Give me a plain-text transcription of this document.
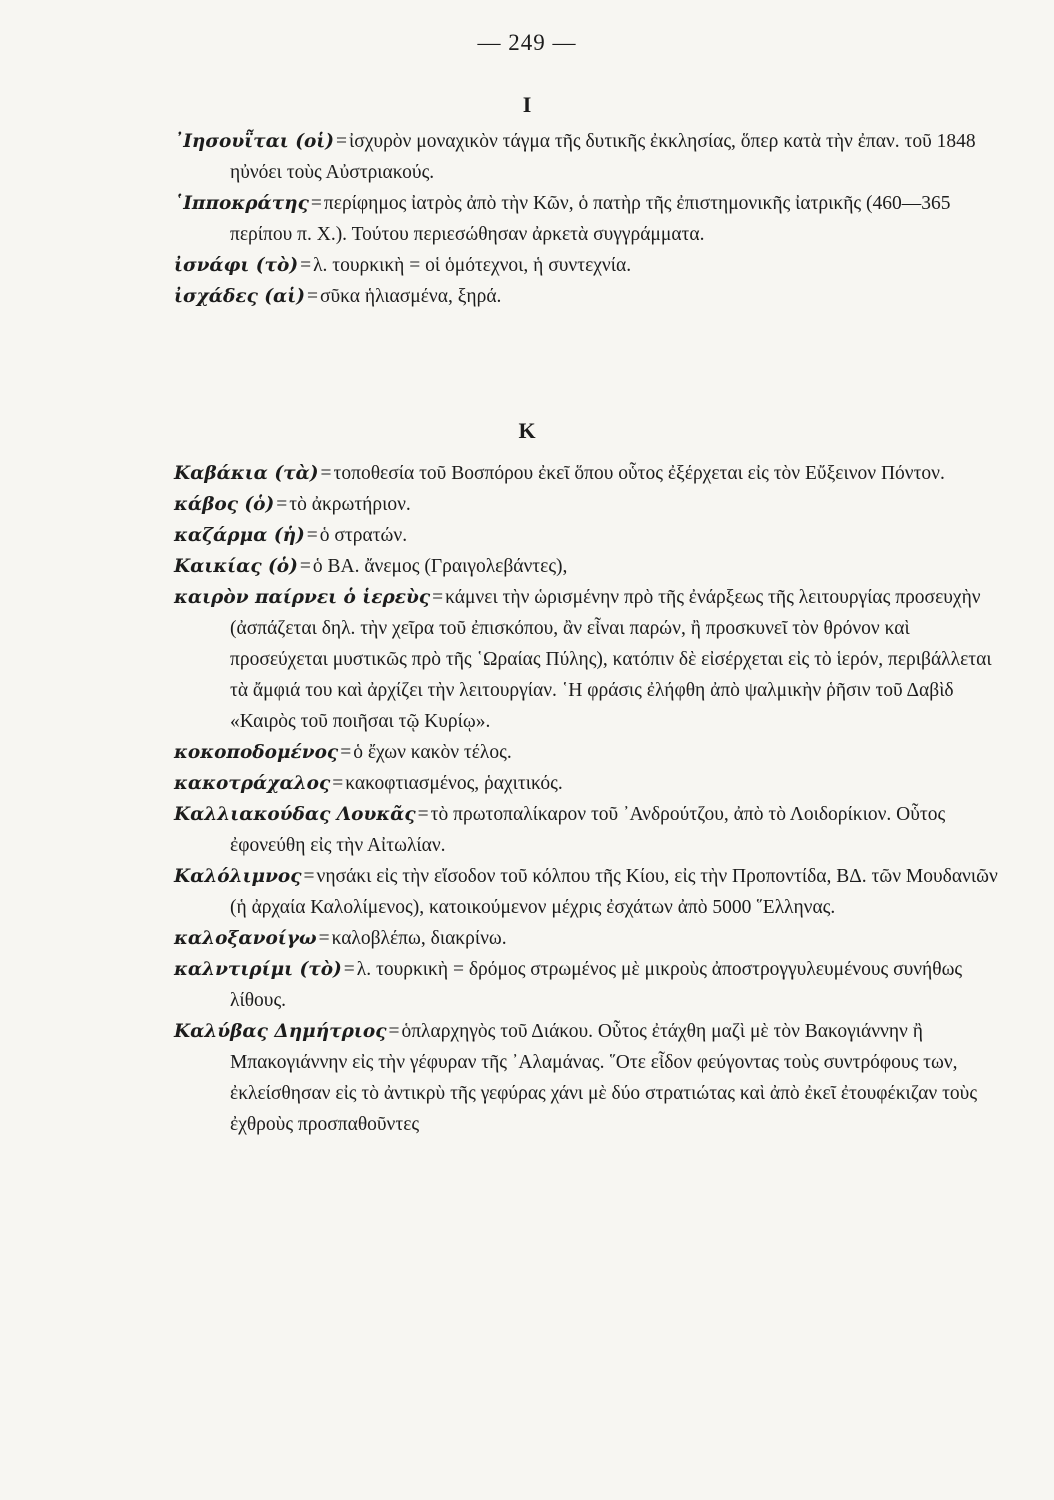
— 249 —
Ι
᾿Ιησουῗται (οἱ) = ἰσχυρὸν μοναχικὸν τάγμα τῆς δυτικῆς ἐκκλησίας, ὅπερ κατὰ τὴν ἐπαν. τοῦ 1848 ηὐνόει τοὺς Αὐστριακούς.
῾Ιπποκράτης = περίφημος ἰατρὸς ἀπὸ τὴν Κῶν, ὁ πατὴρ τῆς ἐπιστημονικῆς ἰατρικῆς (460—365 περίπου π. Χ.). Τούτου περιεσώθησαν ἀρκετὰ συγγράμματα.
ἰσνάφι (τὸ) = λ. τουρκικὴ = οἱ ὁμότεχνοι, ἡ συντεχνία.
ἰσχάδες (αἱ) = σῦκα ἡλιασμένα, ξηρά.
Κ
Καβάκια (τὰ) = τοποθεσία τοῦ Βοσπόρου ἐκεῖ ὅπου οὗτος ἐξέρχεται εἰς τὸν Εὔξεινον Πόντον.
κάβος (ὁ) = τὸ ἀκρωτήριον.
καζάρμα (ἡ) = ὁ στρατών.
Καικίας (ὁ) = ὁ ΒΑ. ἄνεμος (Γραιγολεβάντες),
καιρὸν παίρνει ὁ ἱερεὺς = κάμνει τὴν ὡρισμένην πρὸ τῆς ἐνάρξεως τῆς λειτουργίας προσευχὴν (ἀσπάζεται δηλ. τὴν χεῖρα τοῦ ἐπισκόπου, ἂν εἶναι παρών, ἢ προσκυνεῖ τὸν θρόνον καὶ προσεύχεται μυστικῶς πρὸ τῆς ῾Ωραίας Πύλης), κατόπιν δὲ εἰσέρχεται εἰς τὸ ἱερόν, περιβάλλεται τὰ ἄμφιά του καὶ ἀρχίζει τὴν λειτουργίαν. ῾Η φράσις ἐλήφθη ἀπὸ ψαλμικὴν ῥῆσιν τοῦ Δαβὶδ «Καιρὸς τοῦ ποιῆσαι τῷ Κυρίῳ».
κοκοποδομένος = ὁ ἔχων κακὸν τέλος.
κακοτράχαλος = κακοφτιασμένος, ῥαχιτικός.
Καλλιακούδας Λουκᾶς = τὸ πρωτοπαλίκαρον τοῦ ᾿Ανδρούτζου, ἀπὸ τὸ Λοιδορίκιον. Οὗτος ἐφονεύθη εἰς τὴν Αἰτωλίαν.
Καλόλιμνος = νησάκι εἰς τὴν εἴσοδον τοῦ κόλπου τῆς Κίου, εἰς τὴν Προποντίδα, ΒΔ. τῶν Μουδανιῶν (ἡ ἀρχαία Καλολίμενος), κατοικούμενον μέχρις ἐσχάτων ἀπὸ 5000 ῞Ελληνας.
καλοξανοίγω = καλοβλέπω, διακρίνω.
καλντιρίμι (τὸ) = λ. τουρκικὴ = δρόμος στρωμένος μὲ μικροὺς ἀποστρογγυλευμένους συνήθως λίθους.
Καλύβας Δημήτριος = ὁπλαρχηγὸς τοῦ Διάκου. Οὗτος ἐτάχθη μαζὶ μὲ τὸν Βακογιάννην ἢ Μπακογιάννην εἰς τὴν γέφυραν τῆς ᾿Αλαμάνας. ῞Οτε εἶδον φεύγοντας τοὺς συντρόφους των, ἐκλείσθησαν εἰς τὸ ἀντικρὺ τῆς γεφύρας χάνι μὲ δύο στρατιώτας καὶ ἀπὸ ἐκεῖ ἐτουφέκιζαν τοὺς ἐχθροὺς προσπαθοῦντες
